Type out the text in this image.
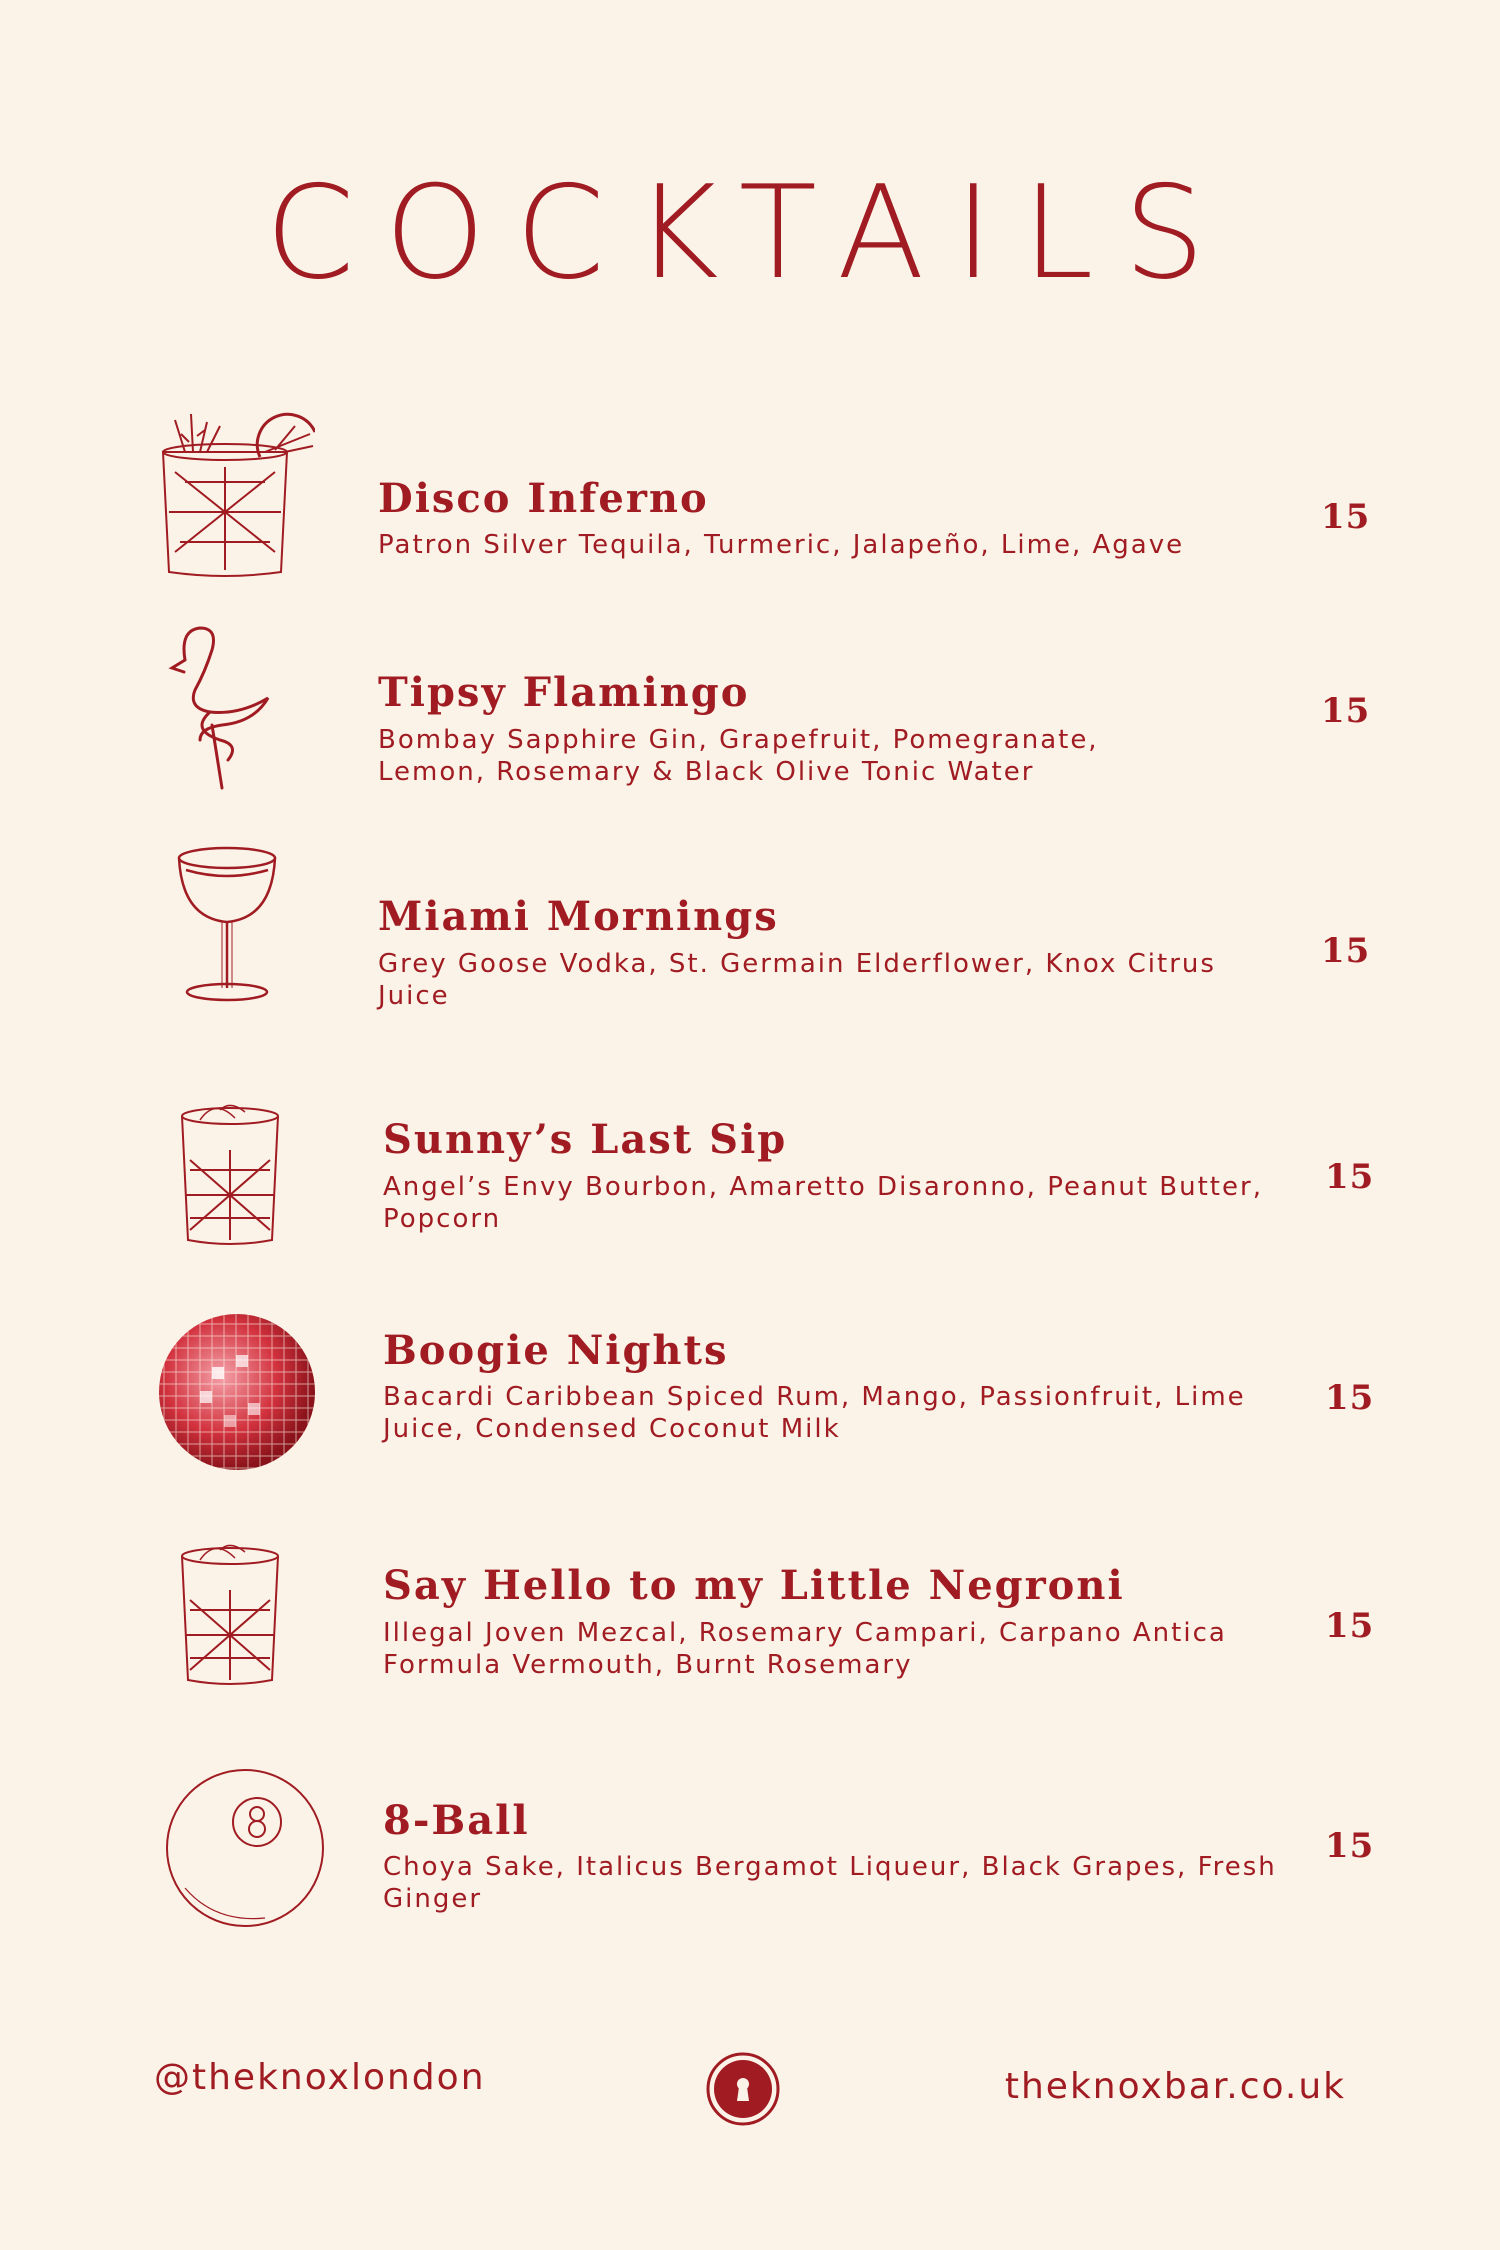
COCKTAILS
Disco Inferno
Patron Silver Tequila, Turmeric, Jalapeño, Lime, Agave
15
Tipsy Flamingo
Bombay Sapphire Gin, Grapefruit, Pomegranate, Lemon, Rosemary & Black Olive Tonic Water
15
Miami Mornings
Grey Goose Vodka, St. Germain Elderflower, Knox Citrus Juice
15
Sunny’s Last Sip
Angel’s Envy Bourbon, Amaretto Disaronno, Peanut Butter, Popcorn
15
Boogie Nights
Bacardi Caribbean Spiced Rum, Mango, Passionfruit, Lime Juice, Condensed Coconut Milk
15
Say Hello to my Little Negroni
Illegal Joven Mezcal, Rosemary Campari, Carpano Antica Formula Vermouth, Burnt Rosemary
15
8-Ball
Choya Sake, Italicus Bergamot Liqueur, Black Grapes, Fresh Ginger
15
@theknoxlondon	theknoxbar.co.uk
